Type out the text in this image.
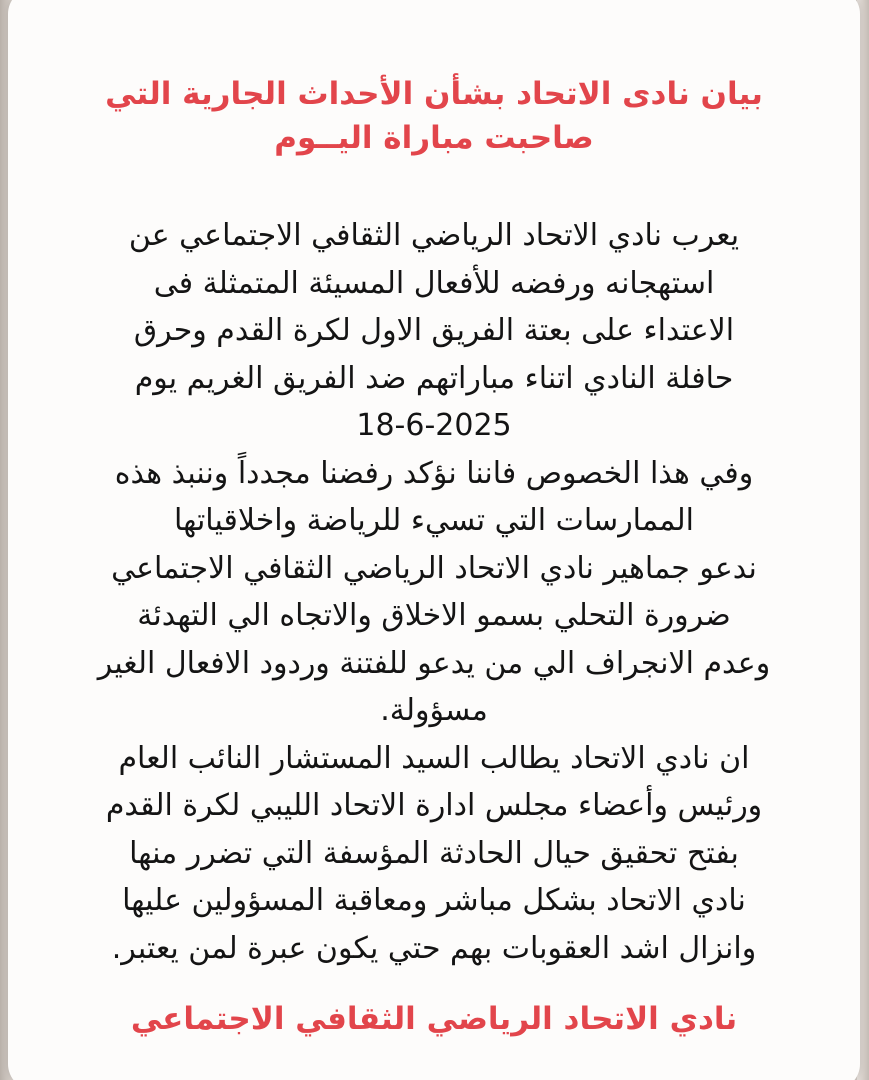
بيان نادى الاتحاد بشأن الأحداث الجارية التي
صاحبت مباراة اليــوم

يعرب نادي الاتحاد الرياضي الثقافي الاجتماعي عن
استهجانه ورفضه للأفعال المسيئة المتمثلة فى
الاعتداء على بعتة الفريق الاول لكرة القدم وحرق
حافلة النادي اتناء مباراتهم ضد الفريق الغريم يوم
18-6-2025
وفي هذا الخصوص فاننا نؤكد رفضنا مجدداً وننبذ هذه
الممارسات التي تسيء للرياضة واخلاقياتها
ندعو جماهير نادي الاتحاد الرياضي الثقافي الاجتماعي
ضرورة التحلي بسمو الاخلاق والاتجاه الي التهدئة
وعدم الانجراف الي من يدعو للفتنة وردود الافعال الغير
مسؤولة.
ان نادي الاتحاد يطالب السيد المستشار النائب العام
ورئيس وأعضاء مجلس ادارة الاتحاد الليبي لكرة القدم
بفتح تحقيق حيال الحادثة المؤسفة التي تضرر منها
نادي الاتحاد بشكل مباشر ومعاقبة المسؤولين عليها
وانزال اشد العقوبات بهم حتي يكون عبرة لمن يعتبر.

نادي الاتحاد الرياضي الثقافي الاجتماعي
